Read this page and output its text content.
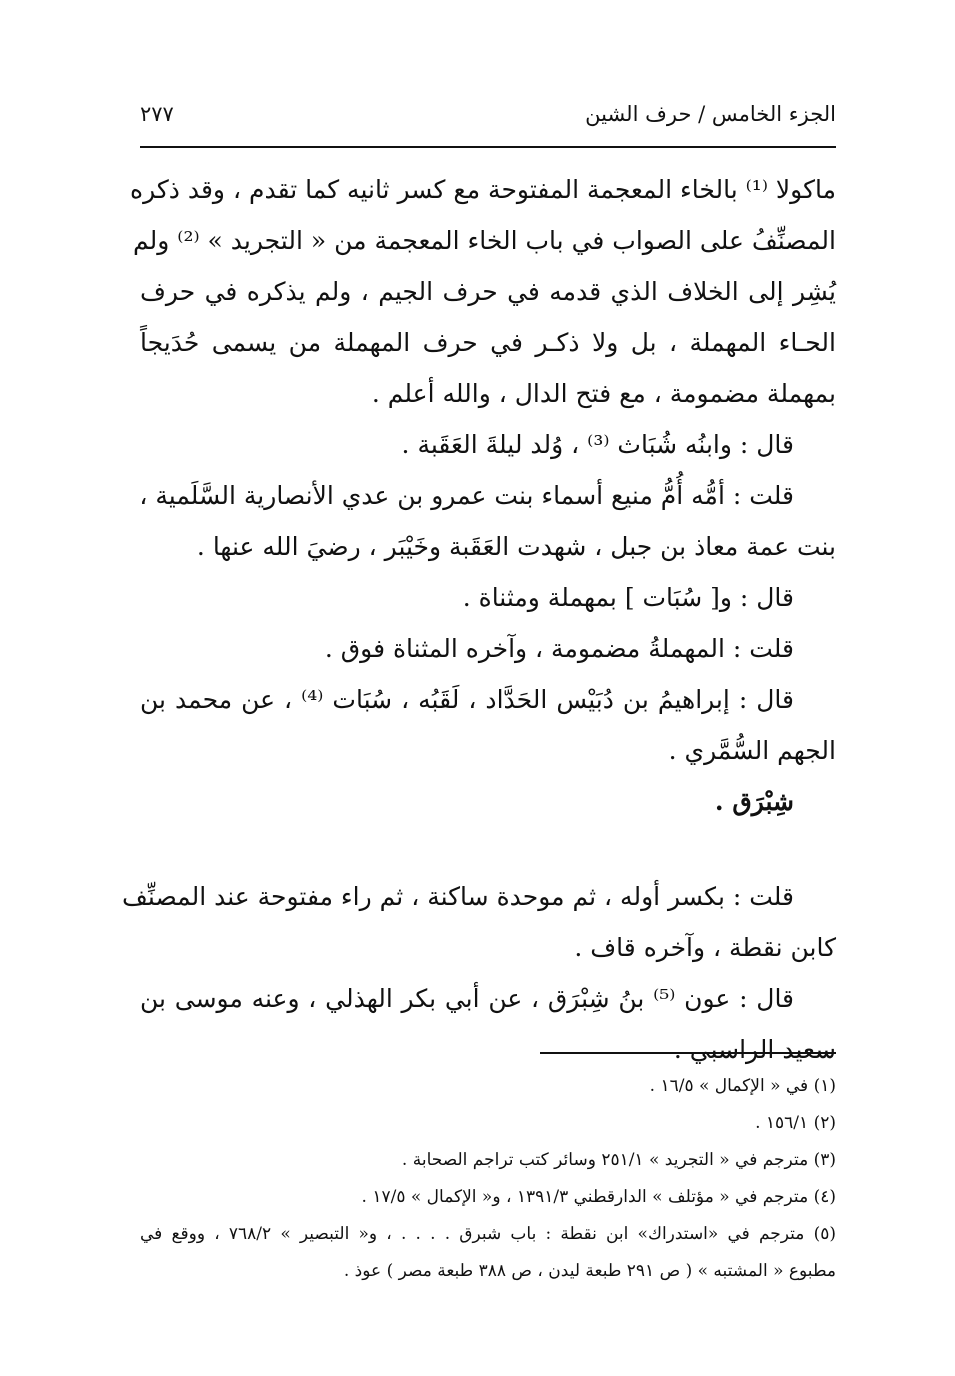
الجزء الخامس / حرف الشين
٢٧٧
ماكولا ⁽¹⁾ بالخاء المعجمة المفتوحة مع كسر ثانيه كما تقدم ، وقد ذكره
المصنِّفُ على الصواب في باب الخاء المعجمة من « التجريد » ⁽²⁾ ولم
يُشِر إلى الخلاف الذي قدمه في حرف الجيم ، ولم يذكره في حرف
الحـاء المهملة ، بل ولا ذكـر في حرف المهملة من يسمى حُدَيجاً
بمهملة مضمومة ، مع فتح الدال ، والله أعلم .
قال : وابنُه شُبَاث ⁽³⁾ ، وُلد ليلةَ العَقَبة .
قلت : أمُّه أُمُّ منيع أسماء بنت عمرو بن عدي الأنصارية السَّلَمية ،
بنت عمة معاذ بن جبل ، شهدت العَقَبة وخَيْبَر ، رضيَ الله عنها .
قال : و[ سُبَات ] بمهملة ومثناة .
قلت : المهملةُ مضمومة ، وآخره المثناة فوق .
قال : إبراهيمُ بن دُبَيْس الحَدَّاد ، لَقَبُه ، سُبَات ⁽⁴⁾ ، عن محمد بن
الجهم السُّمَّري .
شِبْرَق .
قلت : بكسر أوله ، ثم موحدة ساكنة ، ثم راء مفتوحة عند المصنِّف
كابن نقطة ، وآخره قاف .
قال : عون ⁽⁵⁾ بنُ شِبْرَق ، عن أبي بكر الهذلي ، وعنه موسى بن
سعيد الراسبي .
(١) في « الإكمال » ١٦/٥ .
(٢) ١٥٦/١ .
(٣) مترجم في « التجريد » ٢٥١/١ وسائر كتب تراجم الصحابة .
(٤) مترجم في « مؤتلف » الدارقطني ١٣٩١/٣ ، و« الإكمال » ١٧/٥ .
(٥) مترجم في «استدراك» ابن نقطة : باب شبرق . . . . ، و« التبصير » ٧٦٨/٢ ، ووقع في
مطبوع « المشتبه » ( ص ٢٩١ طبعة ليدن ، ص ٣٨٨ طبعة مصر ) عوذ .
